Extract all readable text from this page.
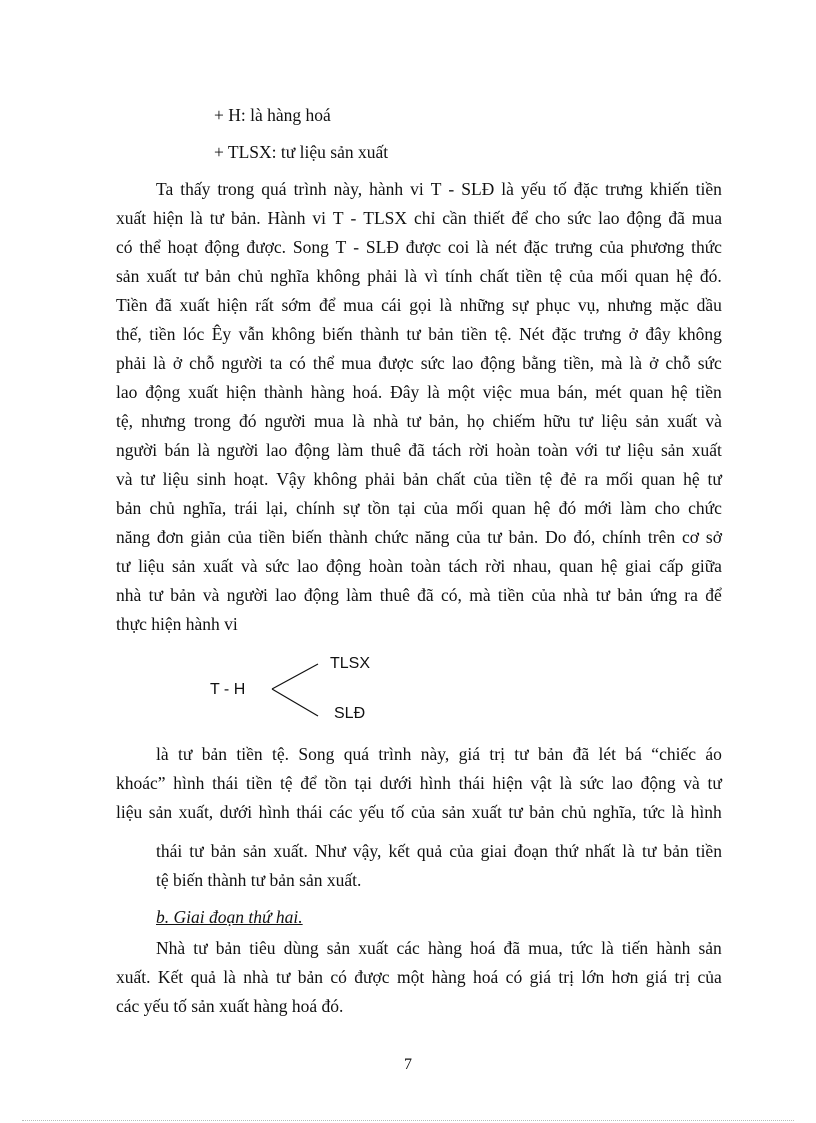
+ H: là hàng hoá
+ TLSX: tư liệu sản xuất
Ta thấy trong quá trình này, hành vi T - SLĐ là yếu tố đặc trưng khiến tiền
xuất hiện là tư bản. Hành vi T - TLSX chỉ cần thiết để cho sức lao động đã mua
có thể hoạt động được. Song T - SLĐ được coi là nét đặc trưng của phương thức
sản xuất tư bản chủ nghĩa không phải là vì tính chất tiền tệ của mối quan hệ đó.
Tiền đã xuất hiện rất sớm để mua cái gọi là những sự phục vụ, nhưng mặc dầu
thế, tiền lóc Êy vẫn không biến thành tư bản tiền tệ. Nét đặc trưng ở đây không
phải là ở chỗ người ta có thể mua được sức lao động bằng tiền, mà là ở chỗ sức
lao động xuất hiện thành hàng hoá. Đây là một việc mua bán, mét quan hệ tiền
tệ, nhưng trong đó người mua là nhà tư bản, họ chiếm hữu tư liệu sản xuất và
người bán là người lao động làm thuê đã tách rời hoàn toàn với tư liệu sản xuất
và tư liệu sinh hoạt. Vậy không phải bản chất của tiền tệ đẻ ra mối quan hệ tư
bản chủ nghĩa, trái lại, chính sự tồn tại của mối quan hệ đó mới làm cho chức
năng đơn giản của tiền biến thành chức năng của tư bản. Do đó, chính trên cơ sở
tư liệu sản xuất và sức lao động hoàn toàn tách rời nhau, quan hệ giai cấp giữa
nhà tư bản và người lao động làm thuê đã có, mà tiền của nhà tư bản ứng ra để
thực hiện hành vi
T - H
TLSX
SLĐ
là tư bản tiền tệ. Song quá trình này, giá trị tư bản đã lét bá “chiếc áo
khoác” hình thái tiền tệ để tồn tại dưới hình thái hiện vật là sức lao động và tư
liệu sản xuất, dưới hình thái các yếu tố của sản xuất tư bản chủ nghĩa, tức là hình
thái tư bản sản xuất. Như vậy, kết quả của giai đoạn thứ nhất là tư bản tiền
tệ biến thành tư bản sản xuất.
b. Giai đoạn thứ hai.
Nhà tư bản tiêu dùng sản xuất các hàng hoá đã mua, tức là tiến hành sản
xuất. Kết quả là nhà tư bản có được một hàng hoá có giá trị lớn hơn giá trị của
các yếu tố sản xuất hàng hoá đó.
7
